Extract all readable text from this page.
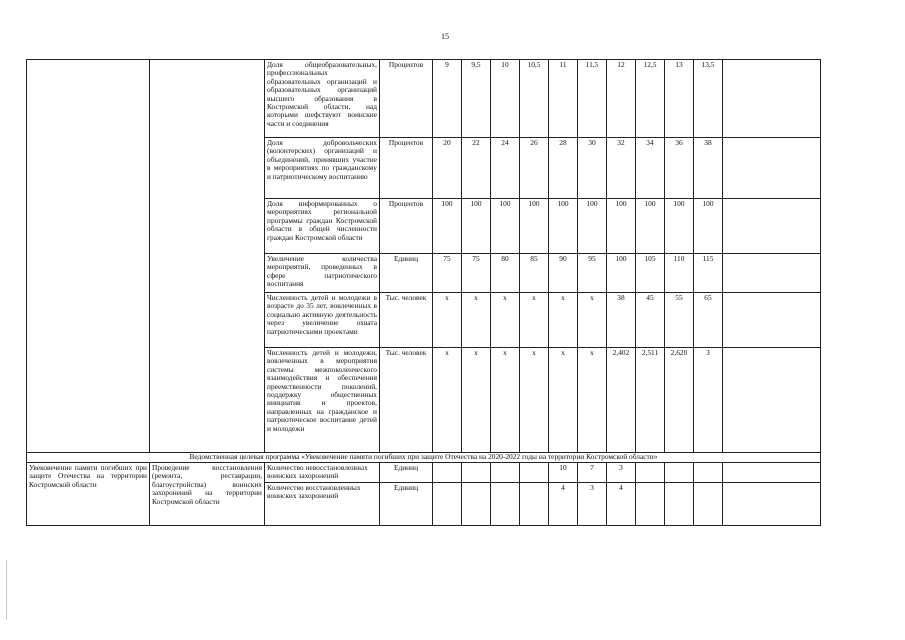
15
		Доля общеобразовательных, профессиональных образовательных организаций и образовательных организаций высшего образования в Костромской области, над которыми шефствуют воинские части и соединения	Процентов	9	9,5	10	10,5	11	11,5	12	12,5	13	13,5	
		Доля добровольческих (волонтерских) организаций и объединений, принявших участие в мероприятиях по гражданскому и патриотическому воспитанию	Процентов	20	22	24	26	28	30	32	34	36	38	
		Доля информированных о мероприятиях региональной программы граждан Костромской области в общей численности граждан Костромской области	Процентов	100	100	100	100	100	100	100	100	100	100	
		Увеличение количества мероприятий, проведенных в сфере патриотического воспитания	Единиц	75	75	80	85	90	95	100	105	110	115	
		Численность детей и молодежи в возрасте до 35 лет, вовлеченных в социально активную деятельность через увеличение охвата патриотическими проектами	Тыс. человек	x	x	x	x	x	x	38	45	55	65	
		Численность детей и молодежи, вовлеченных в мероприятия системы межпоколенческого взаимодействия и обеспечения преемственности поколений, поддержку общественных инициатив и проектов, направленных на гражданское и патриотическое воспитание детей и молодежи	Тыс. человек	x	x	x	x	x	x	2,402	2,511	2,620	3	
Ведомственная целевая программа «Увековечение памяти погибших при защите Отечества на 2020-2022 годы на территории Костромской области»														
Увековечение памяти погибших при защите Отечества на территории Костромской области	Проведение восстановления (ремонта, реставрации, благоустройства) воинских захоронений на территории Костромской области	Количество невосстановленных воинских захоронений	Единиц					10	7	3				
		Количество восстановленных воинских захоронений	Единиц					4	3	4				
